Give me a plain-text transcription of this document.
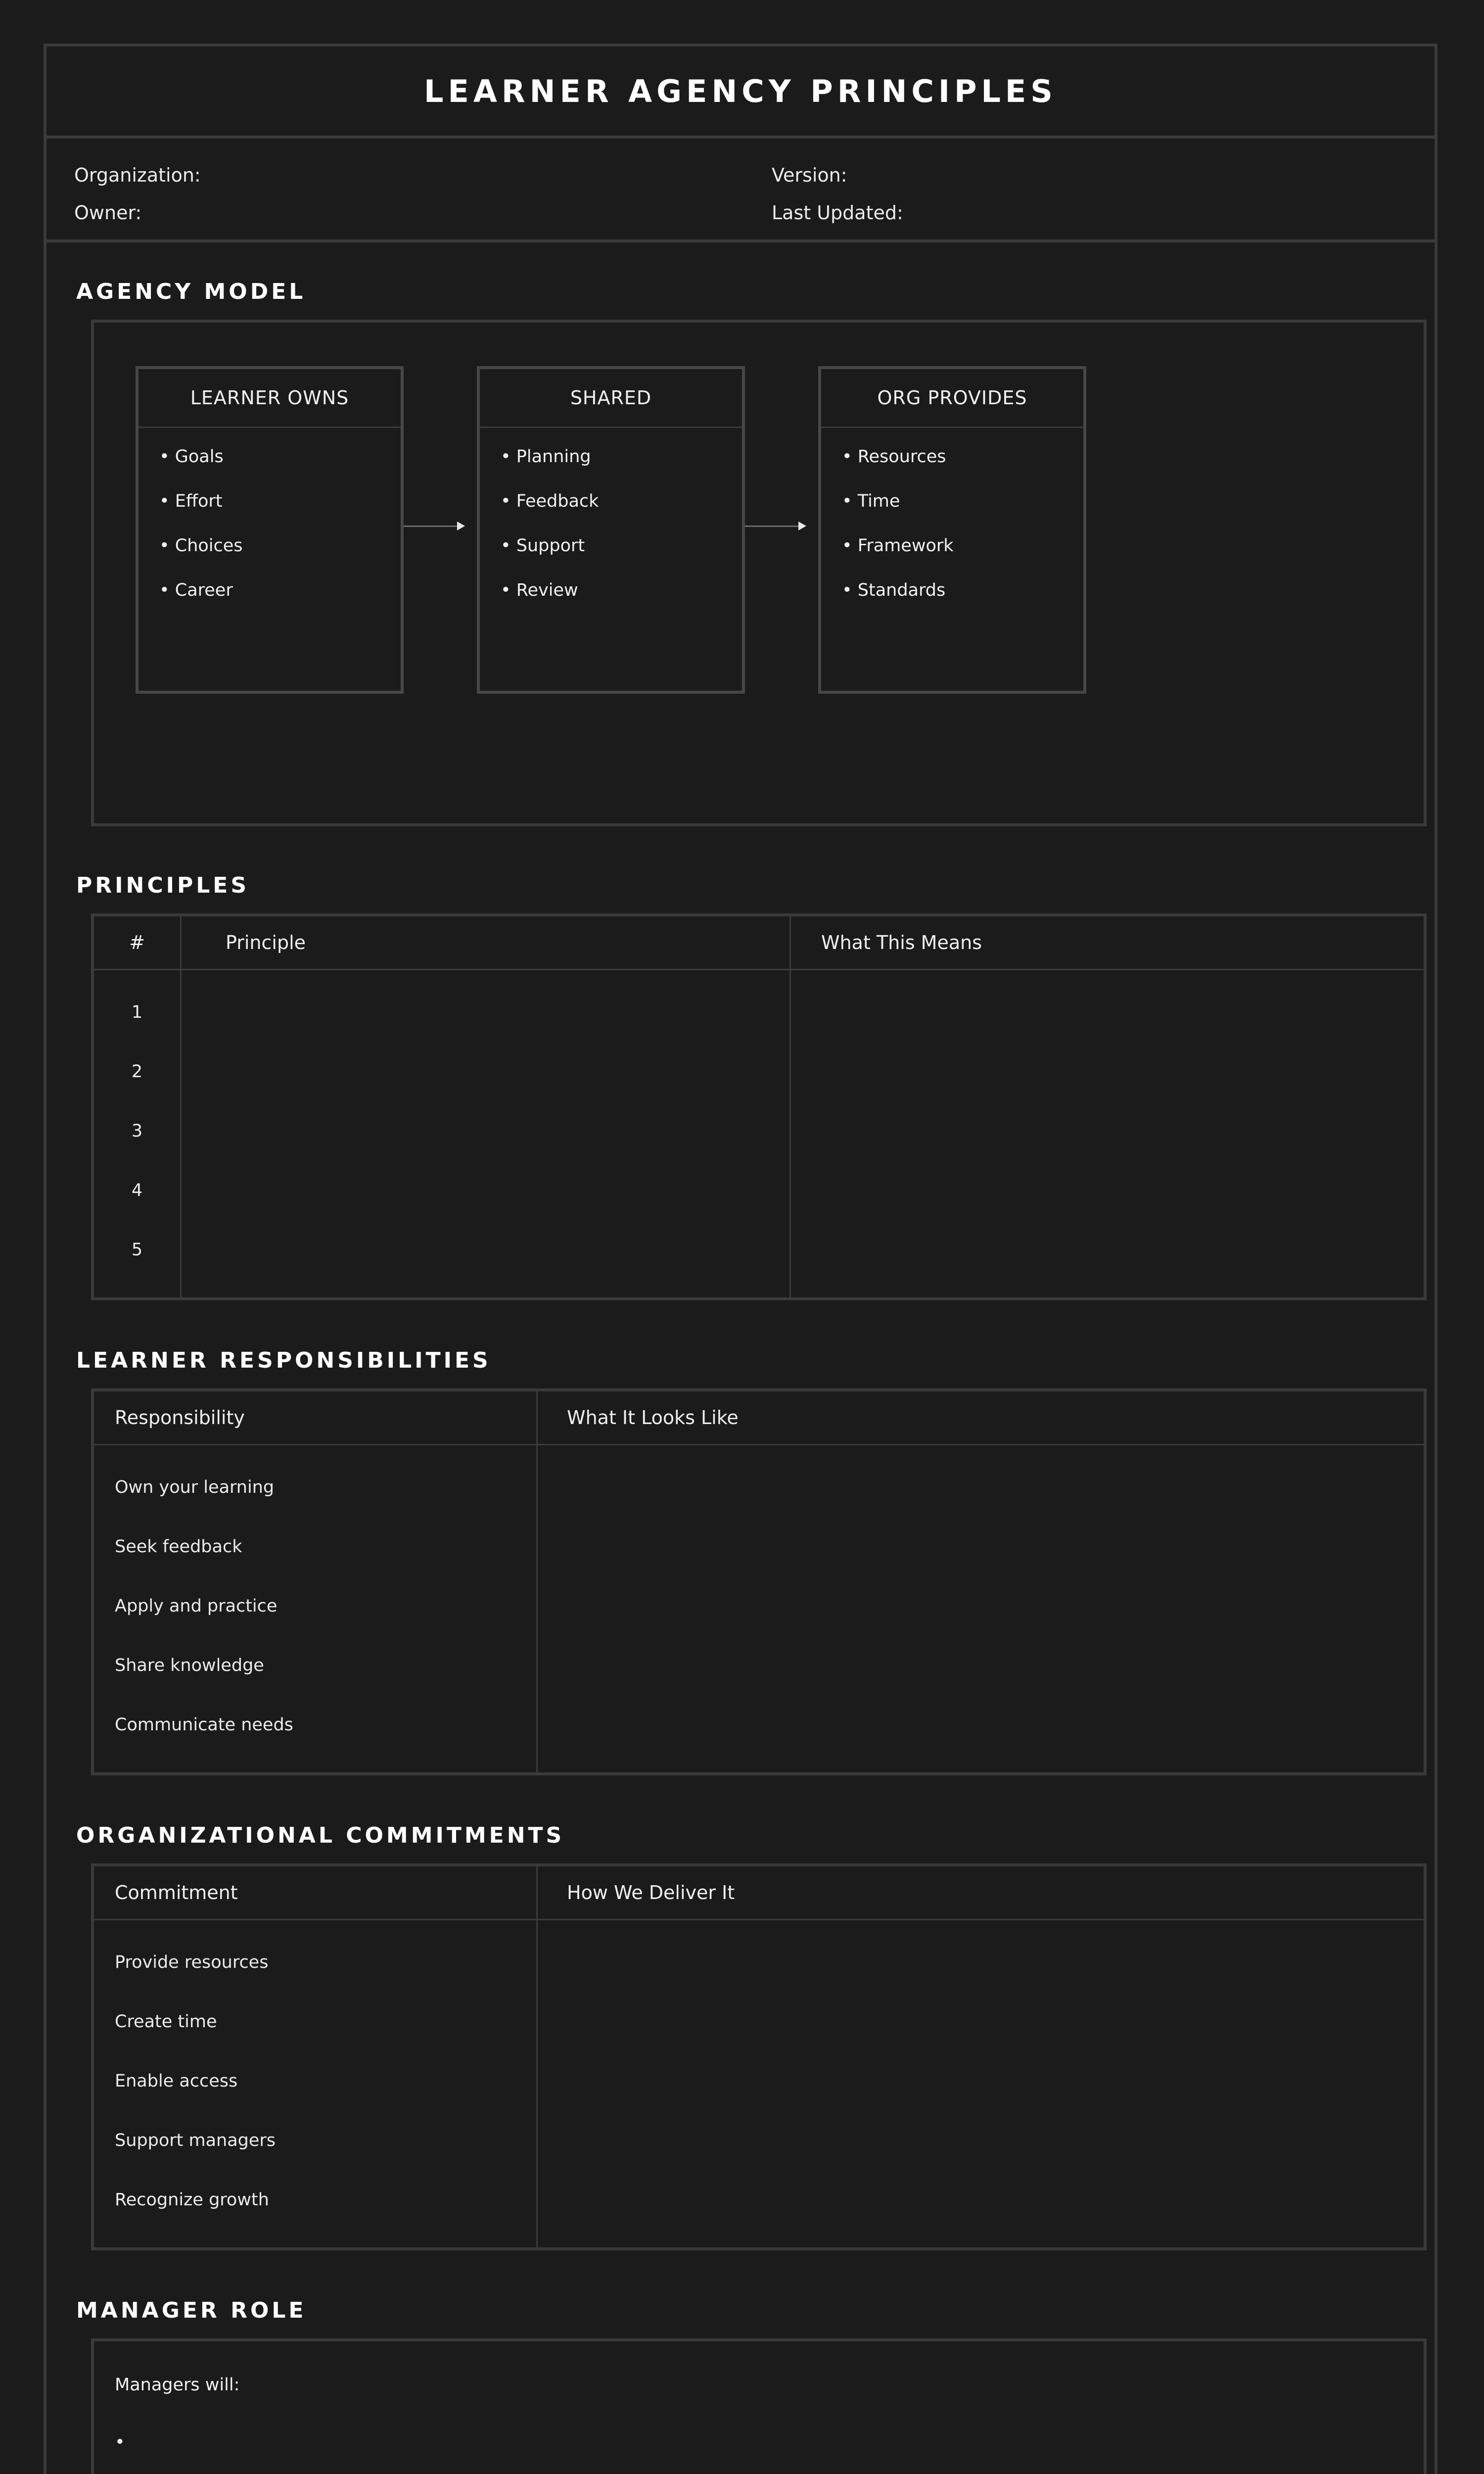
LEARNER AGENCY PRINCIPLES
Organization:	Version:
Owner:	Last Updated:
AGENCY MODEL
LEARNER OWNS
• Goals
• Effort
• Choices
• Career
SHARED
• Planning
• Feedback
• Support
• Review
ORG PROVIDES
• Resources
• Time
• Framework
• Standards
PRINCIPLES
#	Principle	What This Means
1
2
3
4
5
LEARNER RESPONSIBILITIES
Responsibility	What It Looks Like
Own your learning
Seek feedback
Apply and practice
Share knowledge
Communicate needs
ORGANIZATIONAL COMMITMENTS
Commitment	How We Deliver It
Provide resources
Create time
Enable access
Support managers
Recognize growth
MANAGER ROLE
Managers will:
•
